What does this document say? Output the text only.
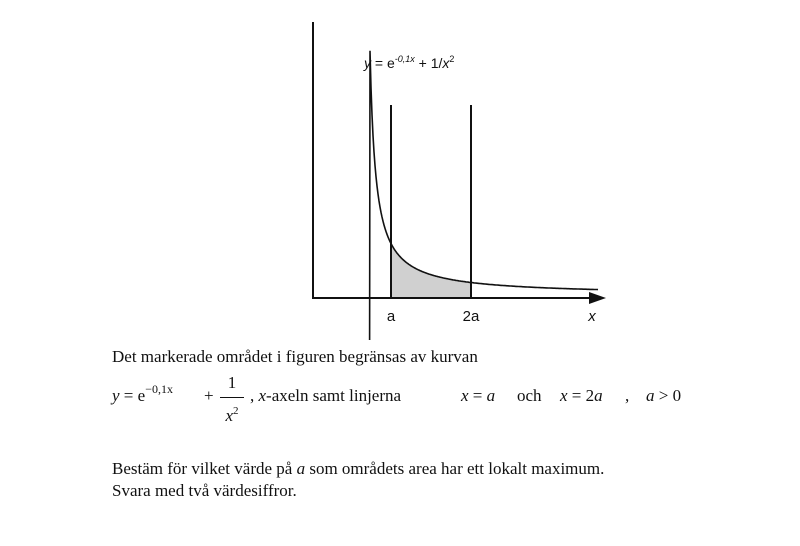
$y = e^{-0,1x} + 1/x^2$
a	2a	x
Det markerade området i figuren begränsas av kurvan
$y = e^{-0,1x}$ +
1
$x^2$
, x-axeln samt linjerna	x = a och x = 2a , a > 0
Bestäm för vilket värde på a som områdets area har ett lokalt maximum.
Svara med två värdesiffror.
